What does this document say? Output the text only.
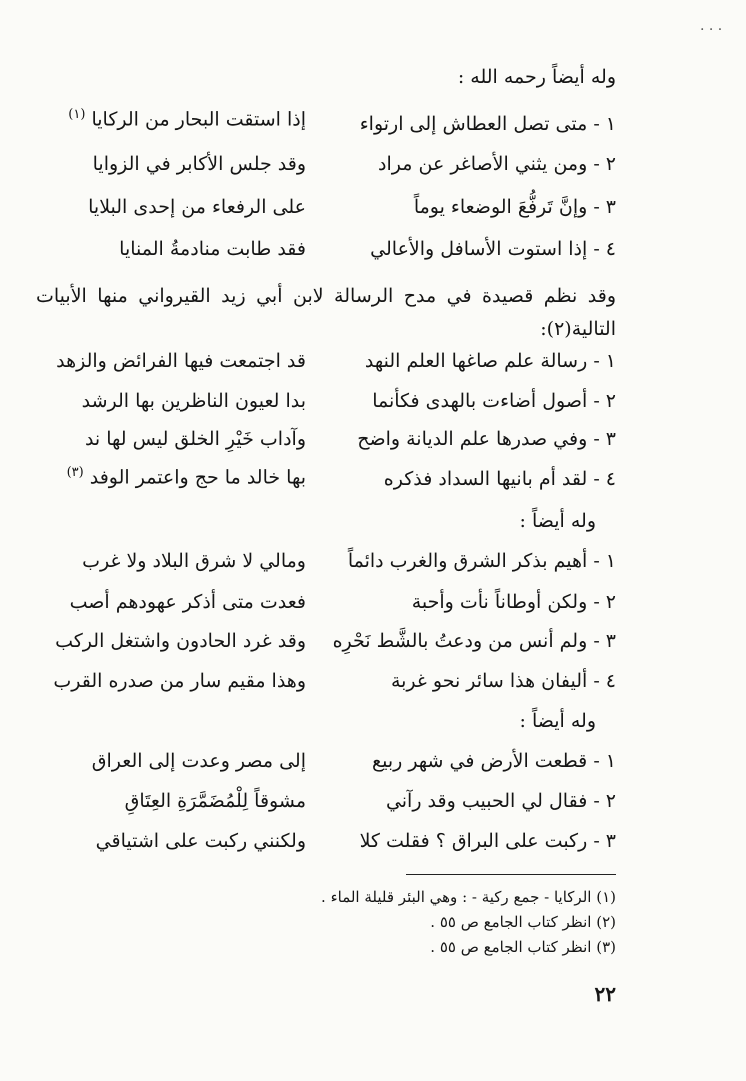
. . .
وله أيضاً رحمه الله :
١ - متى تصل العطاش إلى ارتواء
إذا استقت البحار من الركايا $^{(١)}$
٢ - ومن يثني الأصاغر عن مراد
وقد جلس الأكابر في الزوايا
٣ - وإنَّ تَرفُّعَ الوضعاء يوماً
على الرفعاء من إحدى البلايا
٤ - إذا استوت الأسافل والأعالي
فقد طابت منادمةُ المنايا
وقد نظم قصيدة في مدح الرسالة لابن أبي زيد القيرواني منها الأبيات التالية(٢):
١ - رسالة علم صاغها العلم النهد
قد اجتمعت فيها الفرائض والزهد
٢ - أصول أضاءت بالهدى فكأنما
بدا لعيون الناظرين بها الرشد
٣ - وفي صدرها علم الديانة واضح
وآداب خَيْرِ الخلق ليس لها ند
٤ - لقد أم بانيها السداد فذكره
بها خالد ما حج واعتمر الوفد $^{(٣)}$
وله أيضاً :
١ - أهيم بذكر الشرق والغرب دائماً
ومالي لا شرق البلاد ولا غرب
٢ - ولكن أوطاناً نأت وأحبة
فعدت متى أذكر عهودهم أصب
٣ - ولم أنس من ودعتُ بالشَّط نَحْرِه
وقد غرد الحادون واشتغل الركب
٤ - أليفان هذا سائر نحو غربة
وهذا مقيم سار من صدره القرب
وله أيضاً :
١ - قطعت الأرض في شهر ربيع
إلى مصر وعدت إلى العراق
٢ - فقال لي الحبيب وقد رآني
مشوقاً لِلْمُضَمَّرَةِ العِتَاقِ
٣ - ركبت على البراق ؟ فقلت كلا
ولكنني ركبت على اشتياقي
(١) الركايا - جمع ركية - : وهي البئر قليلة الماء .
(٢) انظر كتاب الجامع ص ٥٥ .
(٣) انظر كتاب الجامع ص ٥٥ .
٢٢
